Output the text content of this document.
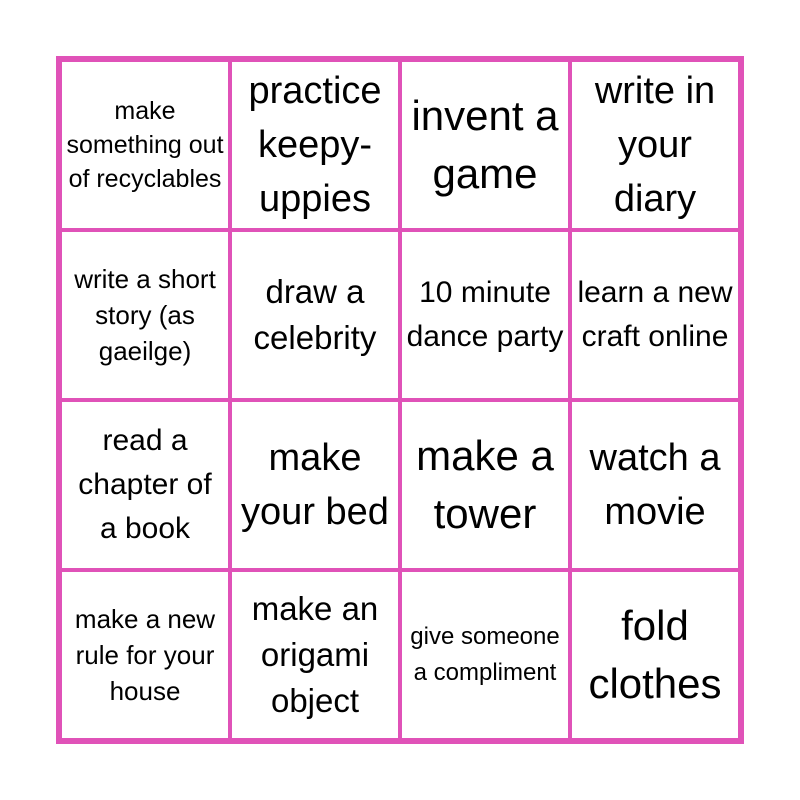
make something out of recyclables
practice keepy-uppies
invent a game
write in your diary
write a short story (as gaeilge)
draw a celebrity
10 minute dance party
learn a new craft online
read a chapter of a book
make your bed
make a tower
watch a movie
make a new rule for your house
make an origami object
give someone a compliment
fold clothes
